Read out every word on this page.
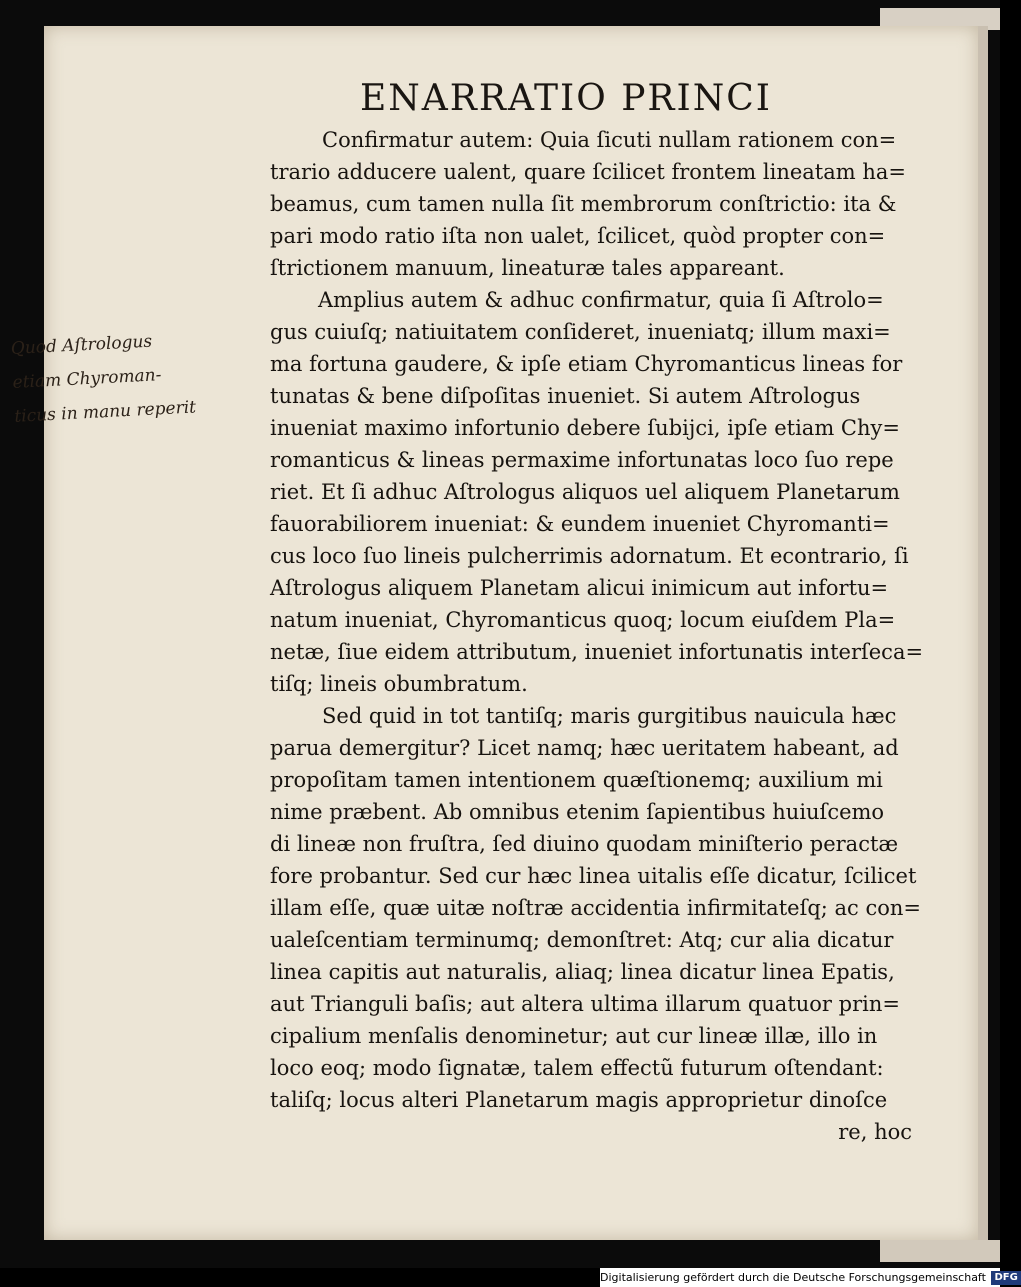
ENARRATIO PRINCI
Confirmatur autem: Quia ſicuti nullam rationem con=
trario adducere ualent, quare ſcilicet frontem lineatam ha=
beamus, cum tamen nulla ſit membrorum conſtrictio: ita &
pari modo ratio iſta non ualet, ſcilicet, quòd propter con=
ſtrictionem manuum, lineaturæ tales appareant.
Amplius autem & adhuc confirmatur, quia ſi Aſtrolo=
gus cuiuſq; natiuitatem conſideret, inueniatq; illum maxi=
ma fortuna gaudere, & ipſe etiam Chyromanticus lineas for
tunatas & bene diſpoſitas inueniet. Si autem Aſtrologus
inueniat maximo infortunio debere ſubijci, ipſe etiam Chy=
romanticus & lineas permaxime infortunatas loco ſuo repe
riet. Et ſi adhuc Aſtrologus aliquos uel aliquem Planetarum
fauorabiliorem inueniat: & eundem inueniet Chyromanti=
cus loco ſuo lineis pulcherrimis adornatum. Et econtrario, ſi
Aſtrologus aliquem Planetam alicui inimicum aut infortu=
natum inueniat, Chyromanticus quoq; locum eiuſdem Pla=
netæ, ſiue eidem attributum, inueniet infortunatis interſeca=
tiſq; lineis obumbratum.
Sed quid in tot tantiſq; maris gurgitibus nauicula hæc
parua demergitur? Licet namq; hæc ueritatem habeant, ad
propoſitam tamen intentionem quæſtionemq; auxilium mi
nime præbent. Ab omnibus etenim ſapientibus huiuſcemo
di lineæ non fruſtra, ſed diuino quodam miniſterio peractæ
fore probantur. Sed cur hæc linea uitalis eſſe dicatur, ſcilicet
illam eſſe, quæ uitæ noſtræ accidentia infirmitateſq; ac con=
ualeſcentiam terminumq; demonſtret: Atq; cur alia dicatur
linea capitis aut naturalis, aliaq; linea dicatur linea Epatis,
aut Trianguli baſis; aut altera ultima illarum quatuor prin=
cipalium menſalis denominetur; aut cur lineæ illæ, illo in
loco eoq; modo ſignatæ, talem effectũ futurum oſtendant:
taliſq; locus alteri Planetarum magis approprietur dinoſce
re, hoc
Quod Aſtrologus
etiam Chyroman-
ticus in manu reperit
Digitalisierung gefördert durch die Deutsche Forschungsgemeinschaft DFG
